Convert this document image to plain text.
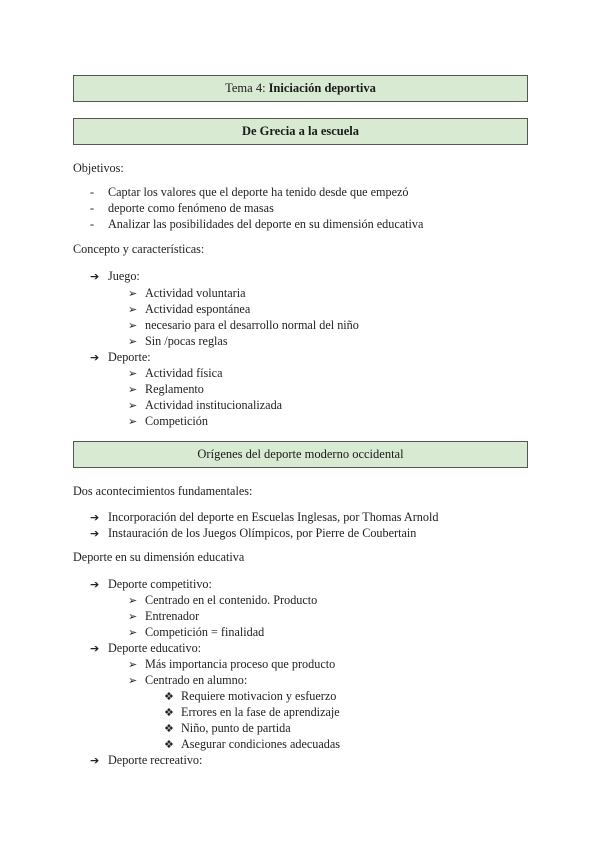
Tema 4: Iniciación deportiva
De Grecia a la escuela
Objetivos:
- Captar los valores que el deporte ha tenido desde que empezó
- deporte como fenómeno de masas
- Analizar las posibilidades del deporte en su dimensión educativa
Concepto y características:
➔ Juego:
➢ Actividad voluntaria
➢ Actividad espontánea
➢ necesario para el desarrollo normal del niño
➢ Sin /pocas reglas
➔ Deporte:
➢ Actividad física
➢ Reglamento
➢ Actividad institucionalizada
➢ Competición
Orígenes del deporte moderno occidental
Dos acontecimientos fundamentales:
➔ Incorporación del deporte en Escuelas Inglesas, por Thomas Arnold
➔ Instauración de los Juegos Olímpicos, por Pierre de Coubertain
Deporte en su dimensión educativa
➔ Deporte competitivo:
➢ Centrado en el contenido. Producto
➢ Entrenador
➢ Competición = finalidad
➔ Deporte educativo:
➢ Más importancia proceso que producto
➢ Centrado en alumno:
❖ Requiere motivacion y esfuerzo
❖ Errores en la fase de aprendizaje
❖ Niño, punto de partida
❖ Asegurar condiciones adecuadas
➔ Deporte recreativo:
